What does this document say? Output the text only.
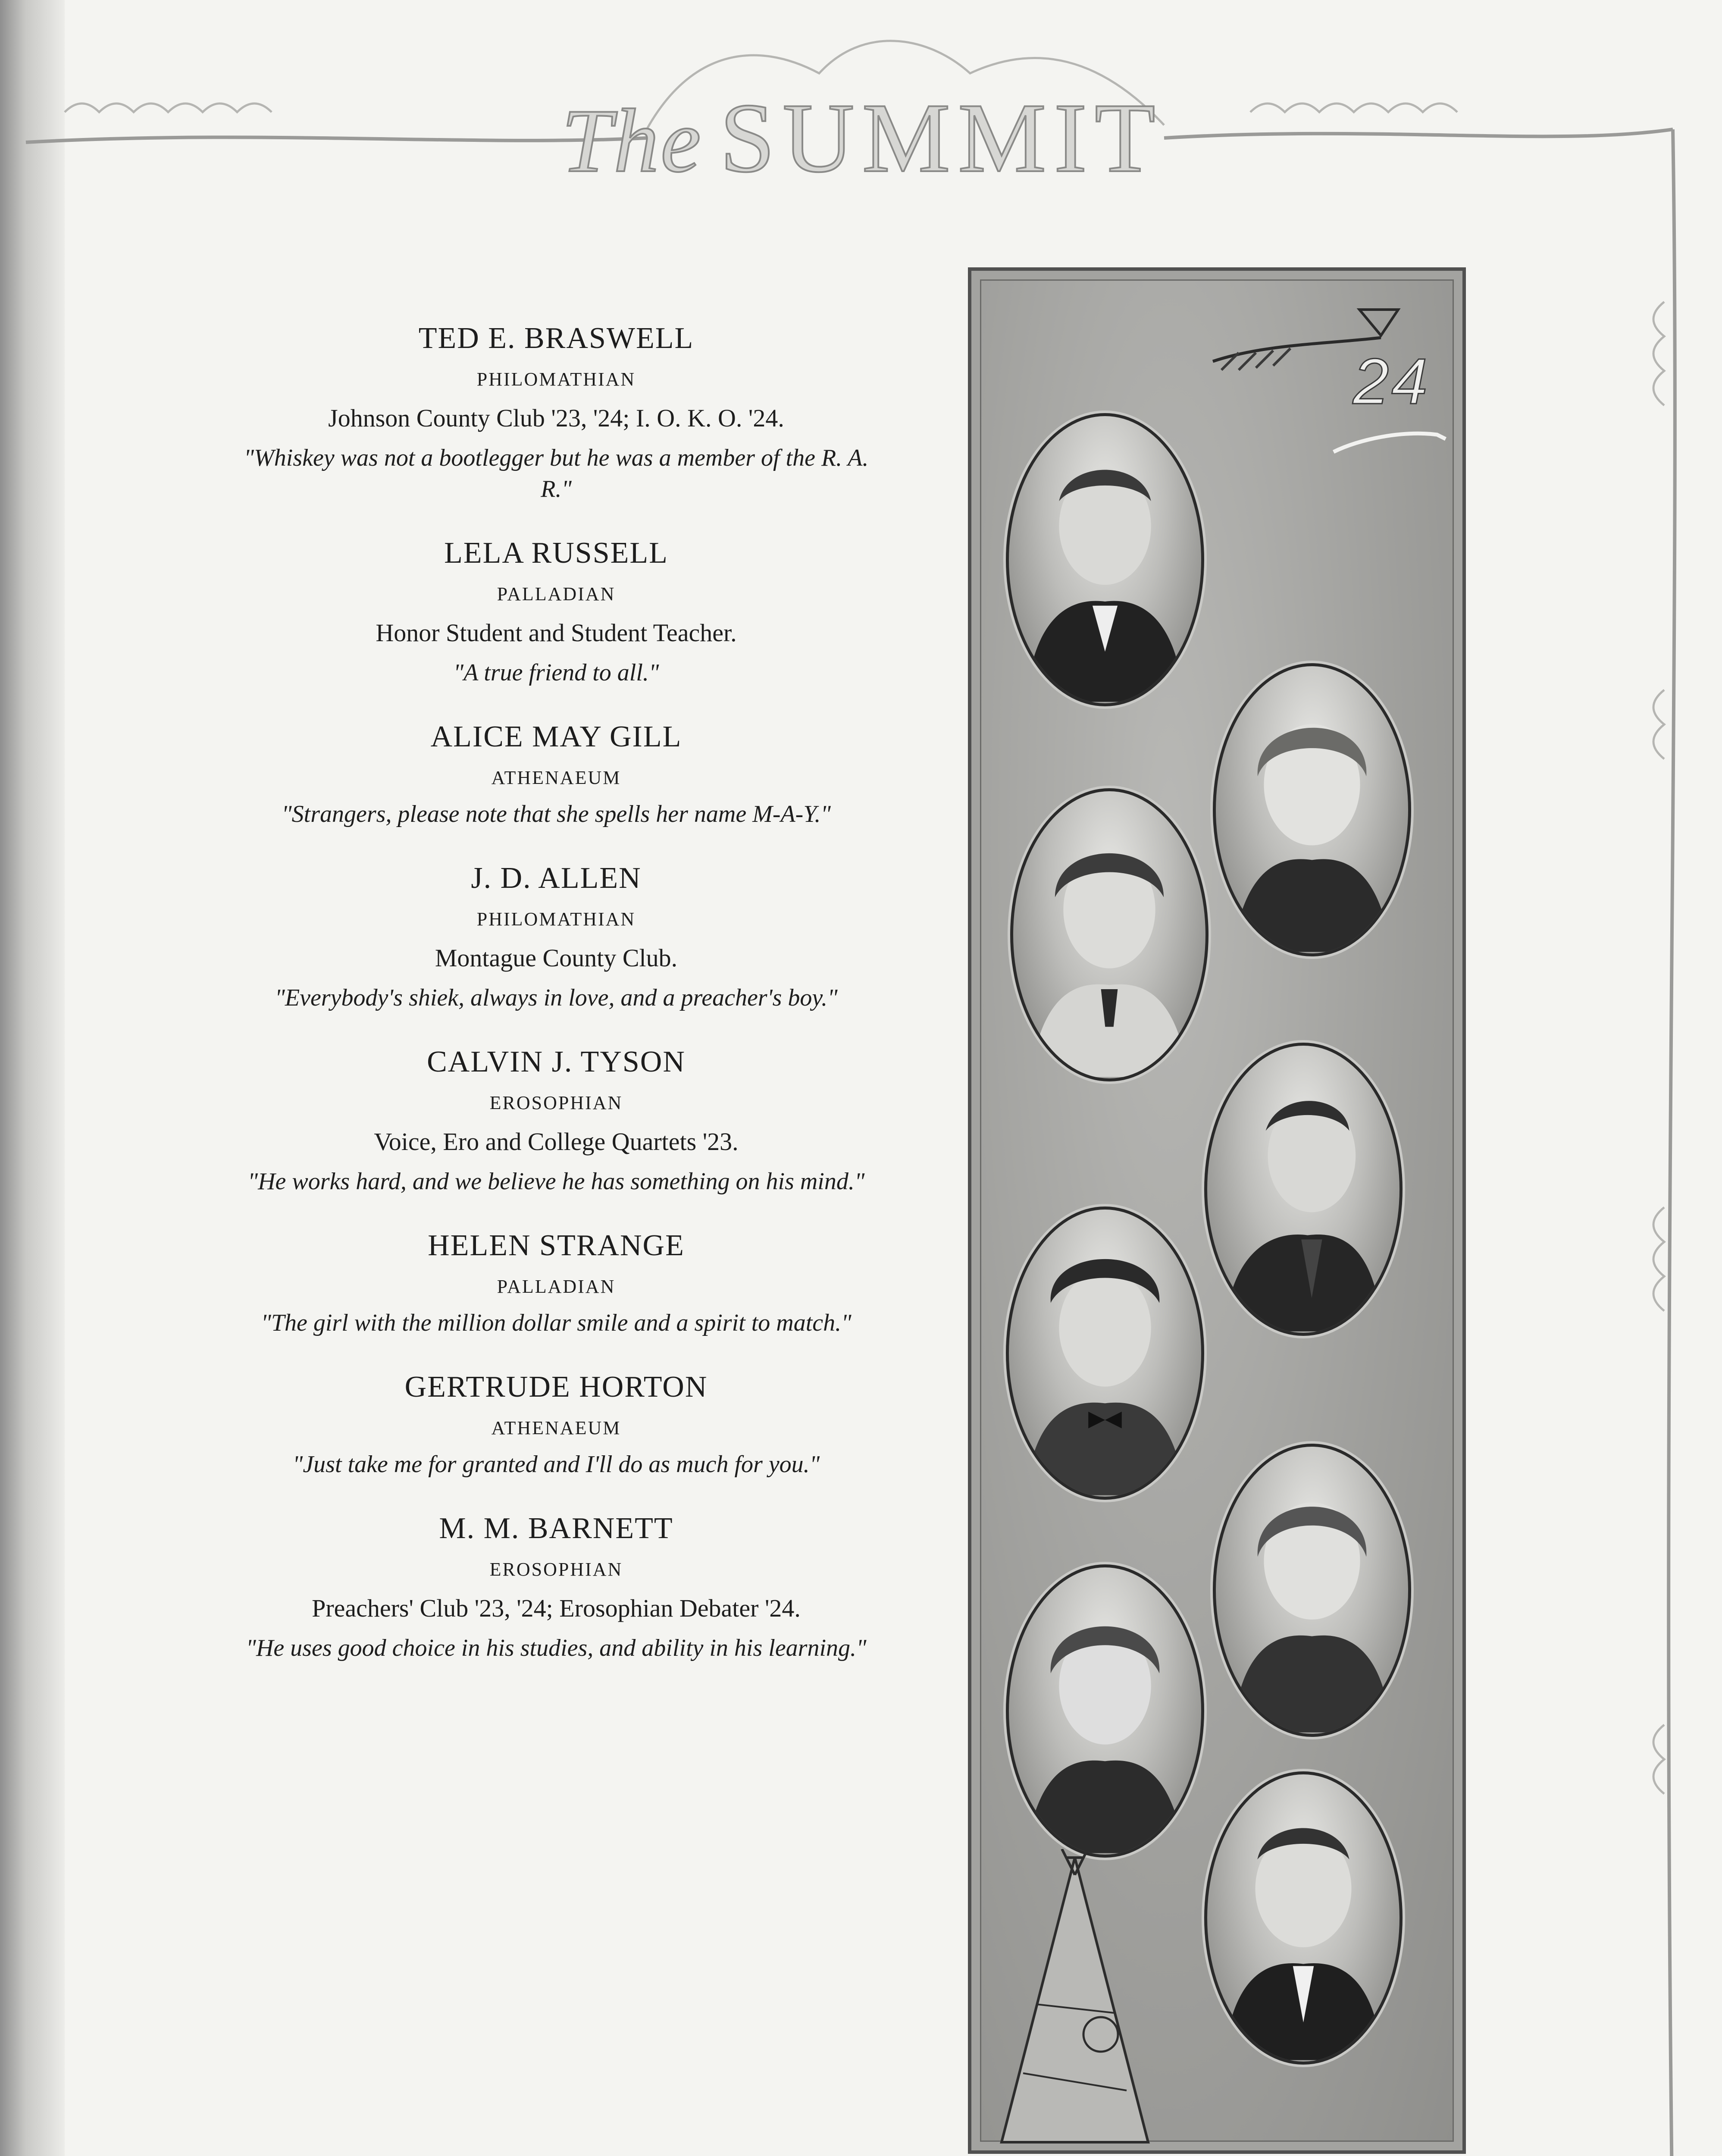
The SUMMIT
TED E. BRASWELL
PHILOMATHIAN
Johnson County Club '23, '24; I. O. K. O. '24.
"Whiskey was not a bootlegger but he was a member of the R. A. R."
LELA RUSSELL
PALLADIAN
Honor Student and Student Teacher.
"A true friend to all."
ALICE MAY GILL
ATHENAEUM
"Strangers, please note that she spells her name M-A-Y."
J. D. ALLEN
PHILOMATHIAN
Montague County Club.
"Everybody's shiek, always in love, and a preacher's boy."
CALVIN J. TYSON
EROSOPHIAN
Voice, Ero and College Quartets '23.
"He works hard, and we believe he has something on his mind."
HELEN STRANGE
PALLADIAN
"The girl with the million dollar smile and a spirit to match."
GERTRUDE HORTON
ATHENAEUM
"Just take me for granted and I'll do as much for you."
M. M. BARNETT
EROSOPHIAN
Preachers' Club '23, '24; Erosophian Debater '24.
"He uses good choice in his studies, and ability in his learning."
24
